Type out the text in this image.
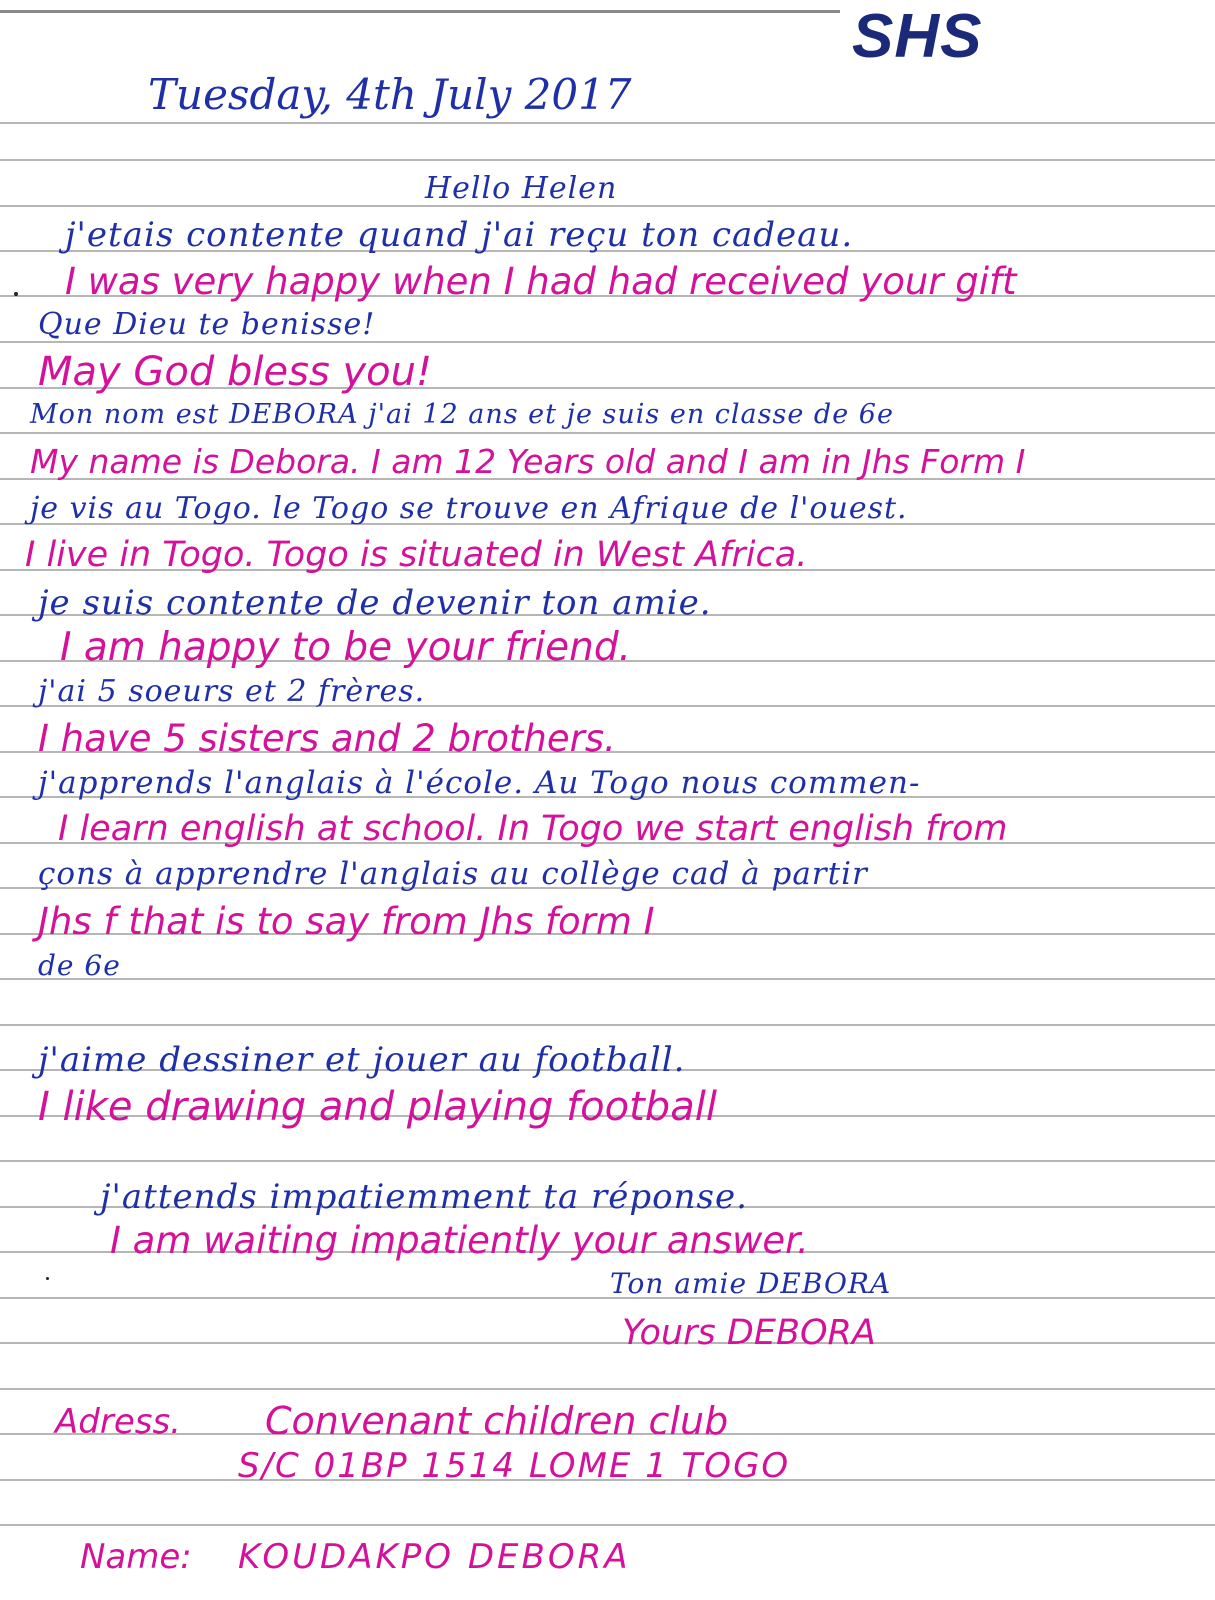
SHS
Tuesday, 4th July 2017
Hello Helen
j'etais contente quand j'ai reçu ton cadeau.
I was very happy when I had had received your gift
Que Dieu te benisse!
May God bless you!
Mon nom est DEBORA j'ai 12 ans et je suis en classe de 6e
My name is Debora. I am 12 Years old and I am in Jhs Form I
je vis au Togo. le Togo se trouve en Afrique de l'ouest.
I live in Togo. Togo is situated in West Africa.
je suis contente de devenir ton amie.
I am happy to be your friend.
j'ai 5 soeurs et 2 frères.
I have 5 sisters and 2 brothers.
j'apprends l'anglais à l'école. Au Togo nous commen-
I learn english at school. In Togo we start english from
çons à apprendre l'anglais au collège cad à partir
Jhs f that is to say from Jhs form I
de 6e
j'aime dessiner et jouer au football.
I like drawing and playing football
j'attends impatiemment ta réponse.
I am waiting impatiently your answer.
Ton amie DEBORA
Yours DEBORA
Adress. Convenant children club
S/C 01BP 1514 LOME 1 TOGO
Name: KOUDAKPO DEBORA
